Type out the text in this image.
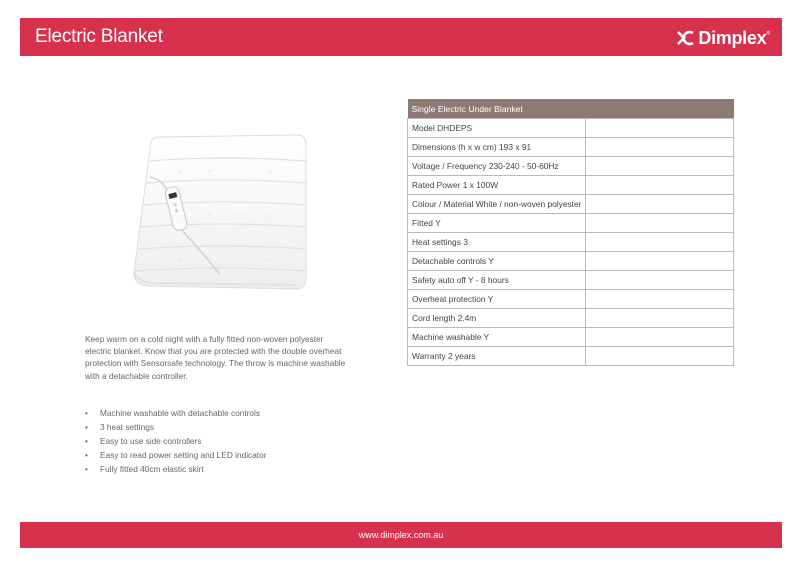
Electric Blanket	Dimplex ®
Keep warm on a cold night with a fully fitted non-woven polyester electric blanket. Know that you are protected with the double overheat protection with Sensorsafe technology. The throw is machine washable with a detachable controller.
• Machine washable with detachable controls
• 3 heat settings
• Easy to use side controllers
• Easy to read power setting and LED indicator
• Fully fitted 40cm elastic skirt
Single Electric Under Blanket	
Model DHDEPS	
Dimensions (h x w cm) 193 x 91	
Voltage / Frequency 230-240 - 50-60Hz	
Rated Power 1 x 100W	
Colour / Material White / non-woven polyester	
Fitted Y	
Heat settings 3	
Detachable controls Y	
Safety auto off Y - 8 hours	
Overheat protection Y	
Cord length 2.4m	
Machine washable Y	
Warranty 2 years	
www.dimplex.com.au
